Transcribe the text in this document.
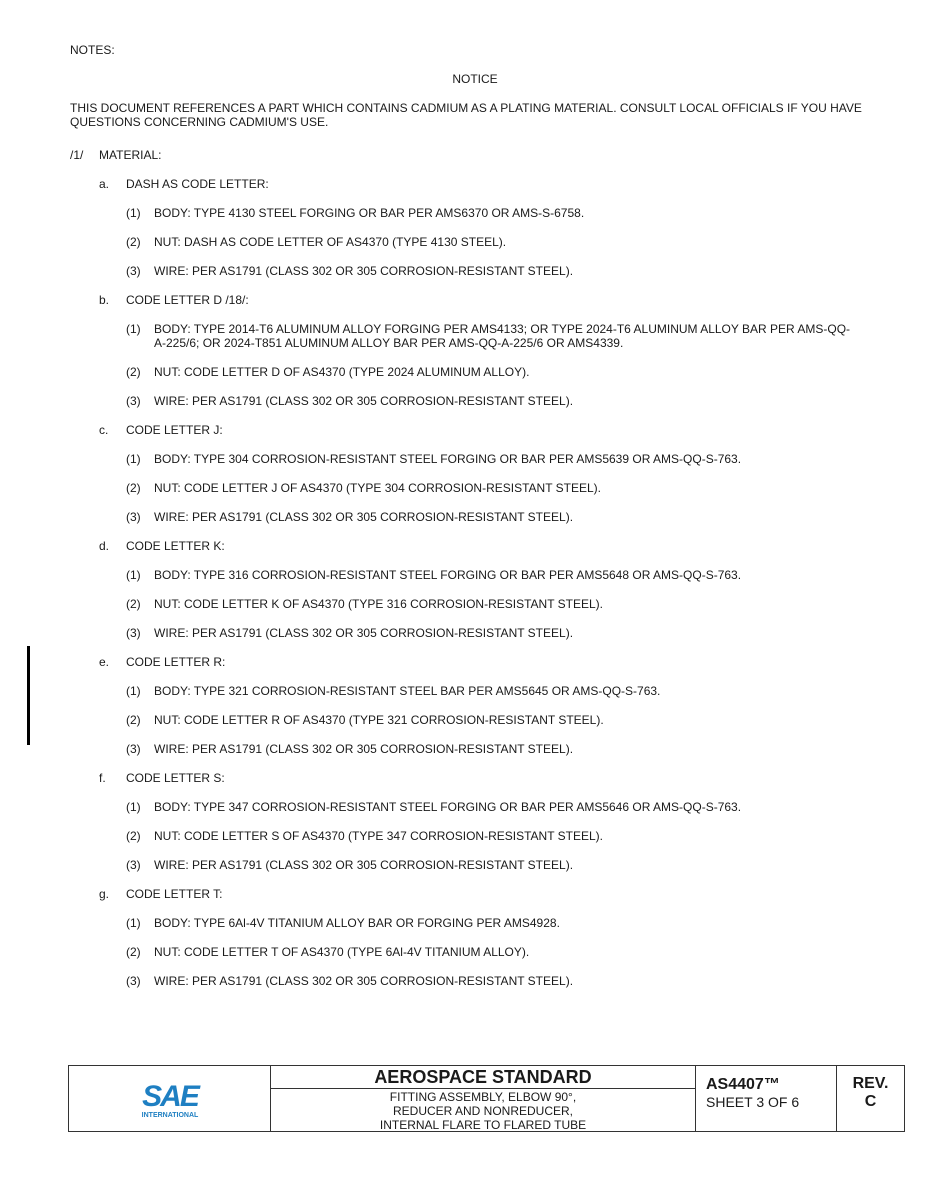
NOTES:
NOTICE
THIS DOCUMENT REFERENCES A PART WHICH CONTAINS CADMIUM AS A PLATING MATERIAL. CONSULT LOCAL OFFICIALS IF YOU HAVE QUESTIONS CONCERNING CADMIUM'S USE.
/1/ MATERIAL:
a. DASH AS CODE LETTER:
(1) BODY: TYPE 4130 STEEL FORGING OR BAR PER AMS6370 OR AMS-S-6758.
(2) NUT: DASH AS CODE LETTER OF AS4370 (TYPE 4130 STEEL).
(3) WIRE: PER AS1791 (CLASS 302 OR 305 CORROSION-RESISTANT STEEL).
b. CODE LETTER D /18/:
(1) BODY: TYPE 2014-T6 ALUMINUM ALLOY FORGING PER AMS4133; OR TYPE 2024-T6 ALUMINUM ALLOY BAR PER AMS-QQ-A-225/6; OR 2024-T851 ALUMINUM ALLOY BAR PER AMS-QQ-A-225/6 OR AMS4339.
(2) NUT: CODE LETTER D OF AS4370 (TYPE 2024 ALUMINUM ALLOY).
(3) WIRE: PER AS1791 (CLASS 302 OR 305 CORROSION-RESISTANT STEEL).
c. CODE LETTER J:
(1) BODY: TYPE 304 CORROSION-RESISTANT STEEL FORGING OR BAR PER AMS5639 OR AMS-QQ-S-763.
(2) NUT: CODE LETTER J OF AS4370 (TYPE 304 CORROSION-RESISTANT STEEL).
(3) WIRE: PER AS1791 (CLASS 302 OR 305 CORROSION-RESISTANT STEEL).
d. CODE LETTER K:
(1) BODY: TYPE 316 CORROSION-RESISTANT STEEL FORGING OR BAR PER AMS5648 OR AMS-QQ-S-763.
(2) NUT: CODE LETTER K OF AS4370 (TYPE 316 CORROSION-RESISTANT STEEL).
(3) WIRE: PER AS1791 (CLASS 302 OR 305 CORROSION-RESISTANT STEEL).
e. CODE LETTER R:
(1) BODY: TYPE 321 CORROSION-RESISTANT STEEL BAR PER AMS5645 OR AMS-QQ-S-763.
(2) NUT: CODE LETTER R OF AS4370 (TYPE 321 CORROSION-RESISTANT STEEL).
(3) WIRE: PER AS1791 (CLASS 302 OR 305 CORROSION-RESISTANT STEEL).
f. CODE LETTER S:
(1) BODY: TYPE 347 CORROSION-RESISTANT STEEL FORGING OR BAR PER AMS5646 OR AMS-QQ-S-763.
(2) NUT: CODE LETTER S OF AS4370 (TYPE 347 CORROSION-RESISTANT STEEL).
(3) WIRE: PER AS1791 (CLASS 302 OR 305 CORROSION-RESISTANT STEEL).
g. CODE LETTER T:
(1) BODY: TYPE 6Al-4V TITANIUM ALLOY BAR OR FORGING PER AMS4928.
(2) NUT: CODE LETTER T OF AS4370 (TYPE 6Al-4V TITANIUM ALLOY).
(3) WIRE: PER AS1791 (CLASS 302 OR 305 CORROSION-RESISTANT STEEL).
SAE
INTERNATIONAL
AEROSPACE STANDARD
FITTING ASSEMBLY, ELBOW 90°,
REDUCER AND NONREDUCER,
INTERNAL FLARE TO FLARED TUBE
AS4407™
SHEET 3 OF 6
REV.
C
